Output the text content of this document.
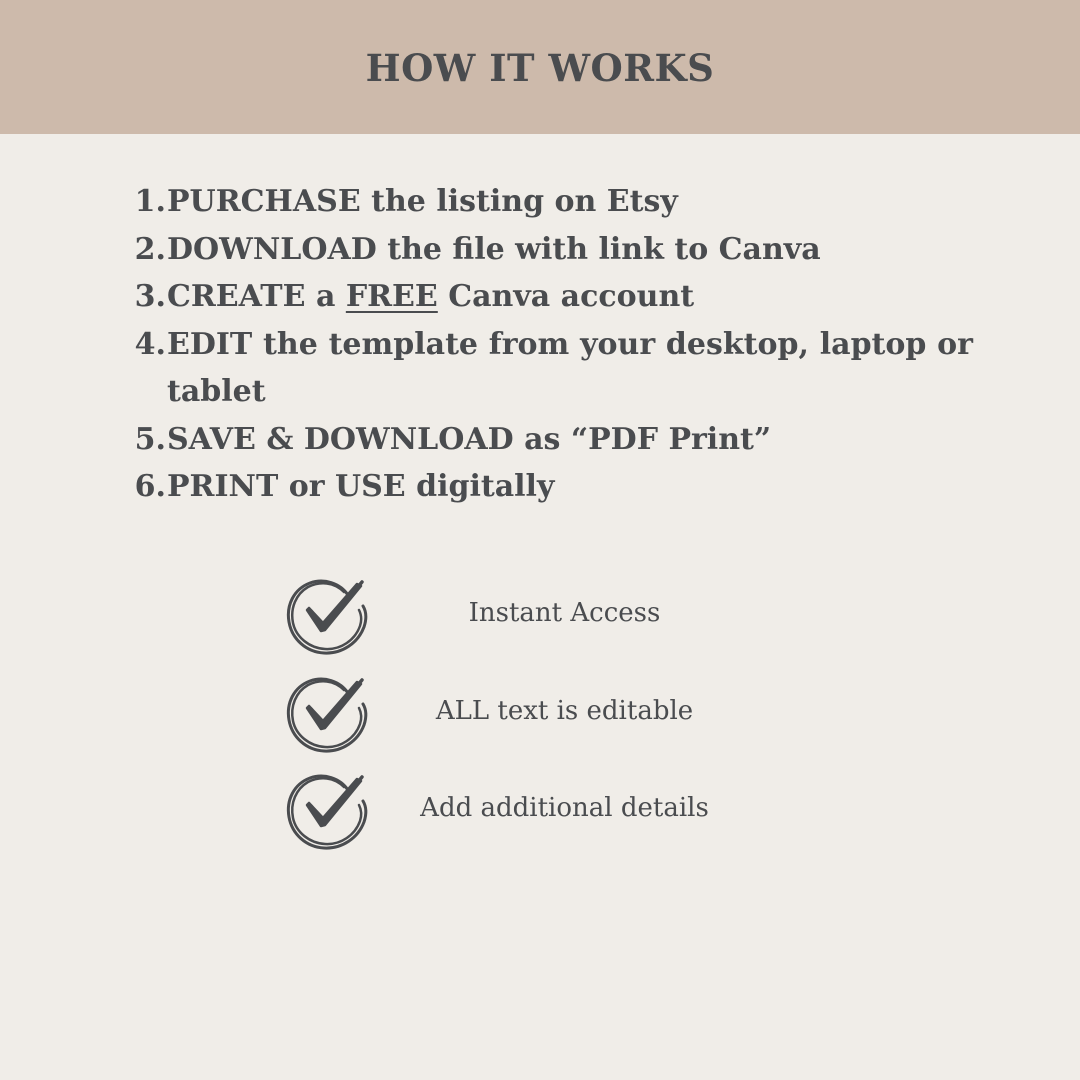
HOW IT WORKS
1. PURCHASE the listing on Etsy
2. DOWNLOAD the file with link to Canva
3. CREATE a FREE Canva account
4. EDIT the template from your desktop, laptop or tablet
5. SAVE & DOWNLOAD as “PDF Print”
6. PRINT or USE digitally
Instant Access
ALL text is editable
Add additional details
